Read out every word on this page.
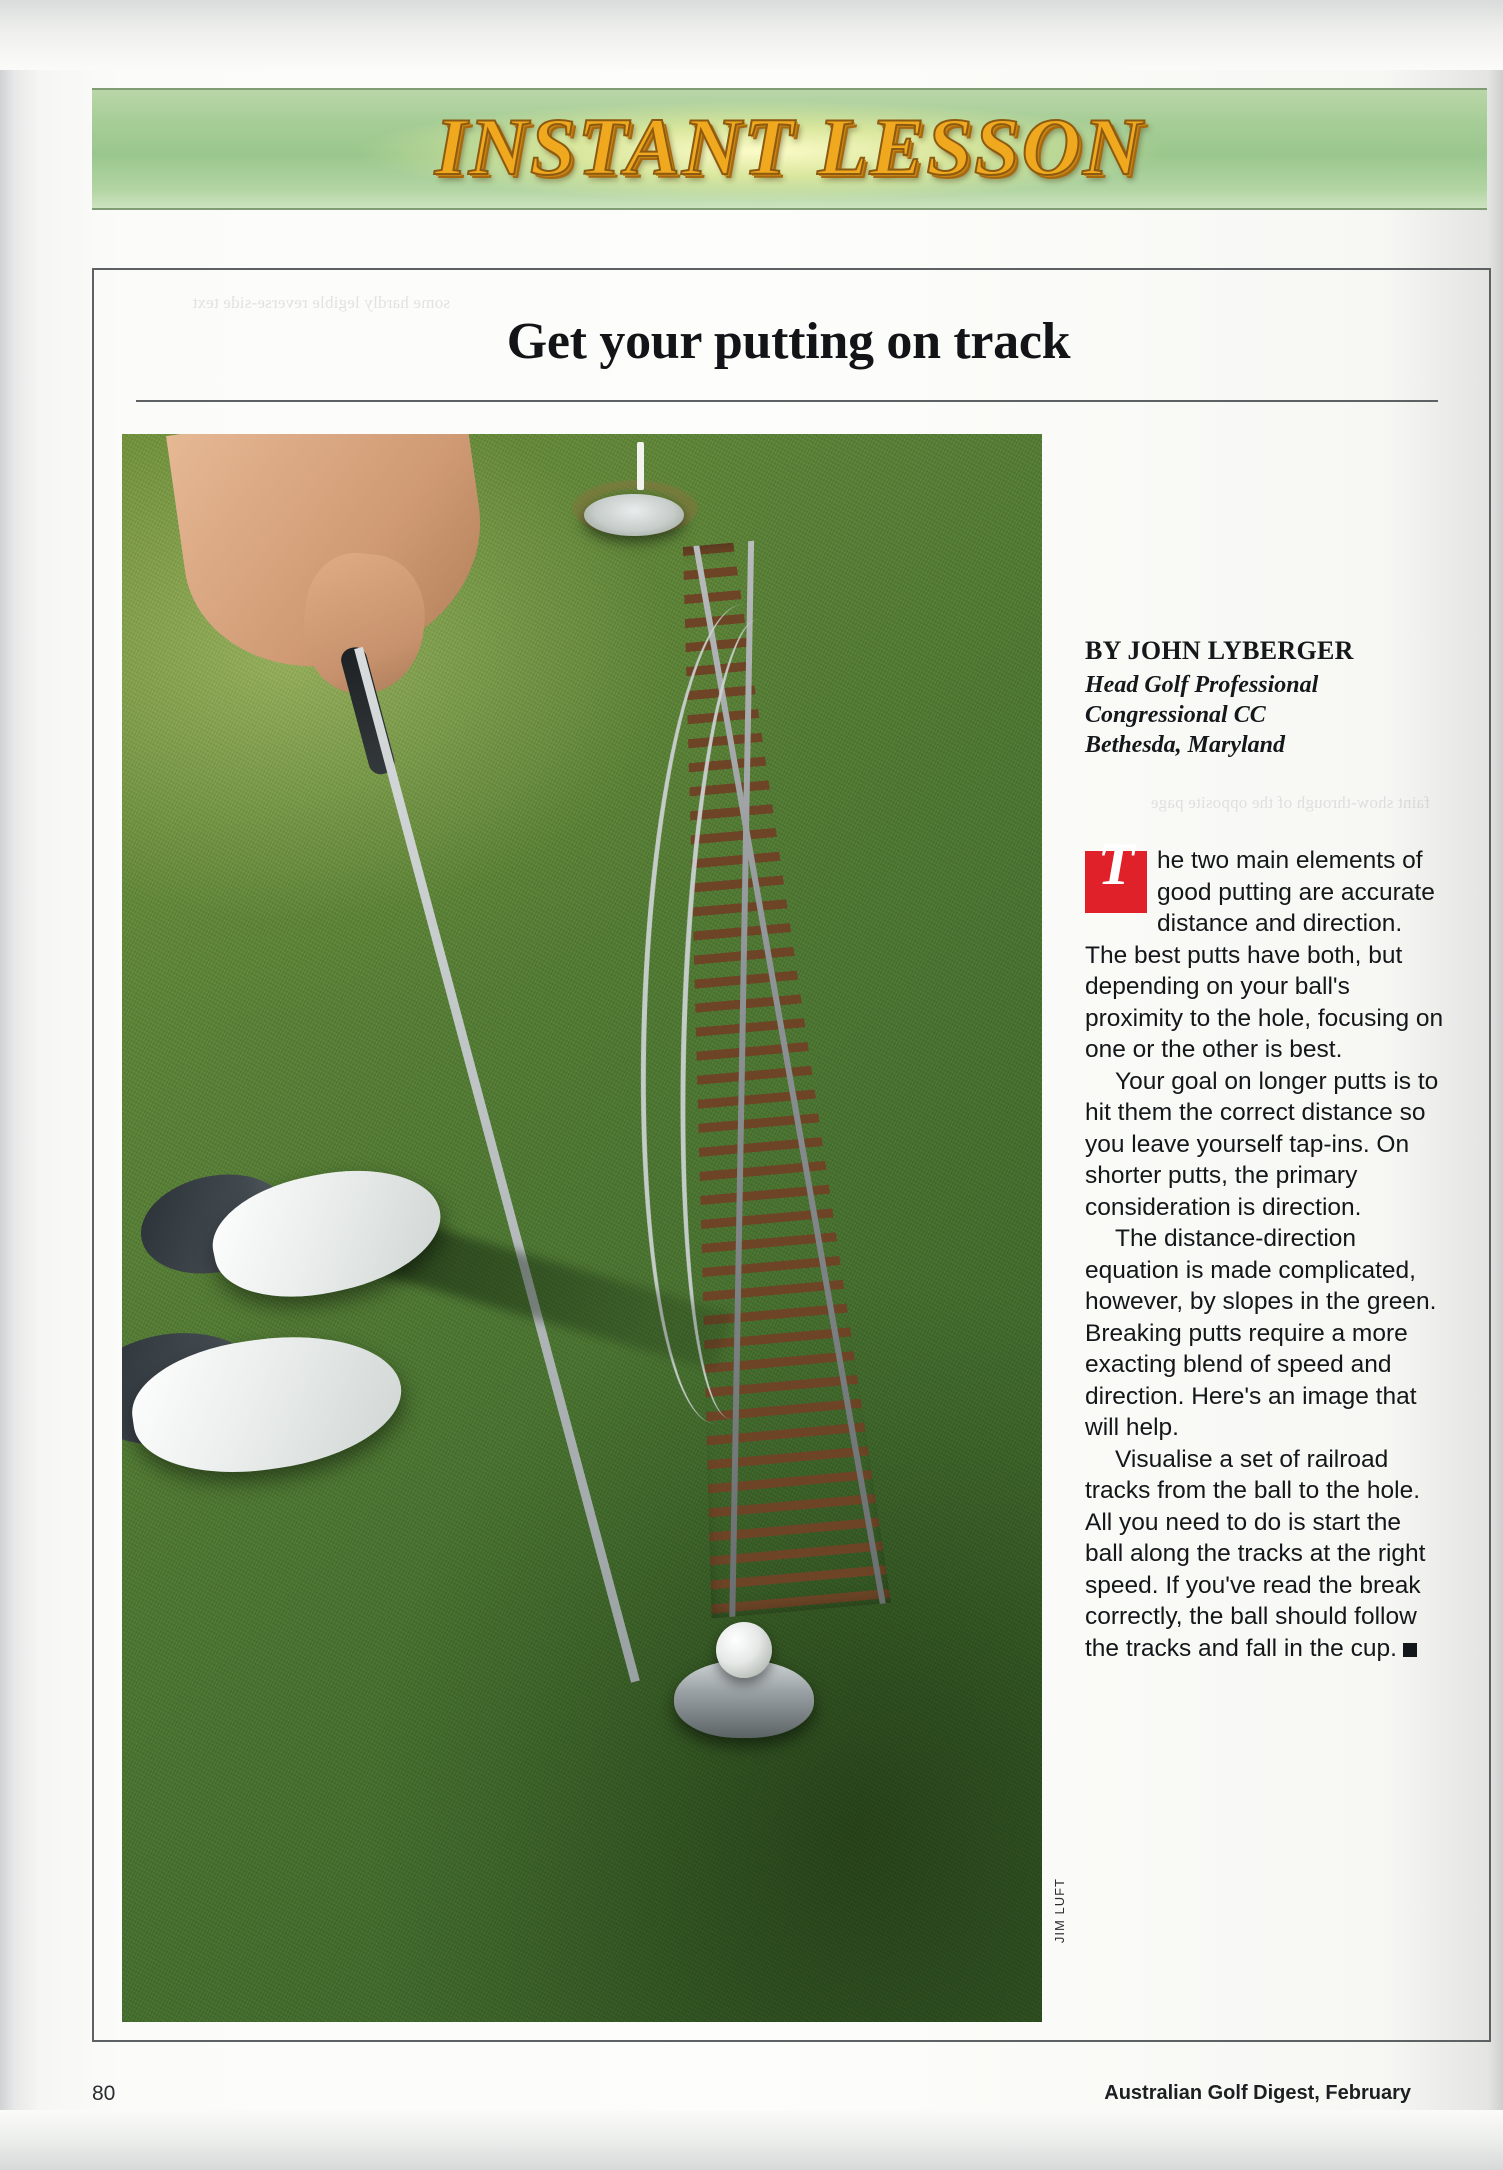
some hardly legible reverse-side text
faint show-through of the opposite page
INSTANT LESSON
Get your putting on track
JIM LUFT
BY JOHN LYBERGER
Head Golf Professional
Congressional CC
Bethesda, Maryland
T he two main elements of good putting are accurate distance and direction. The best putts have both, but depending on your ball's proximity to the hole, focusing on one or the other is best.

Your goal on longer putts is to hit them the correct distance so you leave yourself tap-ins. On shorter putts, the primary consideration is direction.

The distance-direction equation is made complicated, however, by slopes in the green. Breaking putts require a more exacting blend of speed and direction. Here's an image that will help.

Visualise a set of railroad tracks from the ball to the hole. All you need to do is start the ball along the tracks at the right speed. If you've read the break correctly, the ball should follow the tracks and fall in the cup.

80	Australian Golf Digest, February
